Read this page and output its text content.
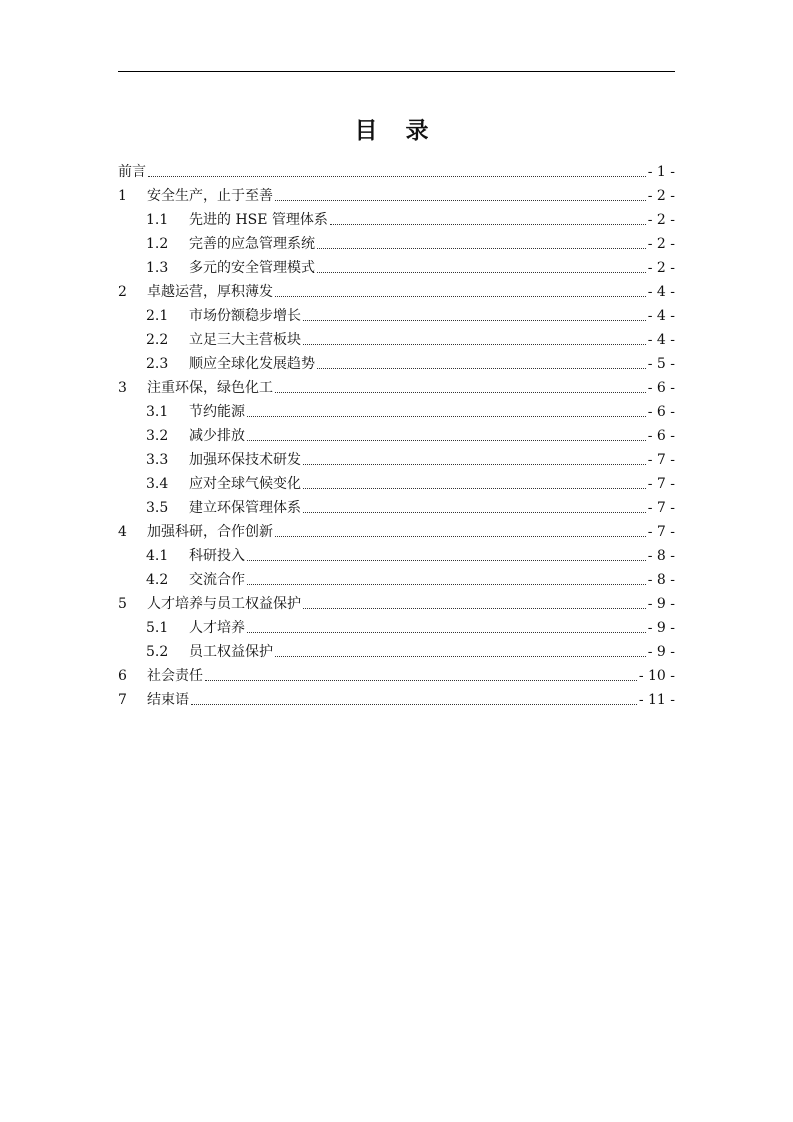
目 录
前言	- 1 -
1	安全生产，止于至善	- 2 -
1.1	先进的 HSE 管理体系	- 2 -
1.2	完善的应急管理系统	- 2 -
1.3	多元的安全管理模式	- 2 -
2	卓越运营，厚积薄发	- 4 -
2.1	市场份额稳步增长	- 4 -
2.2	立足三大主营板块	- 4 -
2.3	顺应全球化发展趋势	- 5 -
3	注重环保，绿色化工	- 6 -
3.1	节约能源	- 6 -
3.2	减少排放	- 6 -
3.3	加强环保技术研发	- 7 -
3.4	应对全球气候变化	- 7 -
3.5	建立环保管理体系	- 7 -
4	加强科研，合作创新	- 7 -
4.1	科研投入	- 8 -
4.2	交流合作	- 8 -
5	人才培养与员工权益保护	- 9 -
5.1	人才培养	- 9 -
5.2	员工权益保护	- 9 -
6	社会责任	- 10 -
7	结束语	- 11 -
